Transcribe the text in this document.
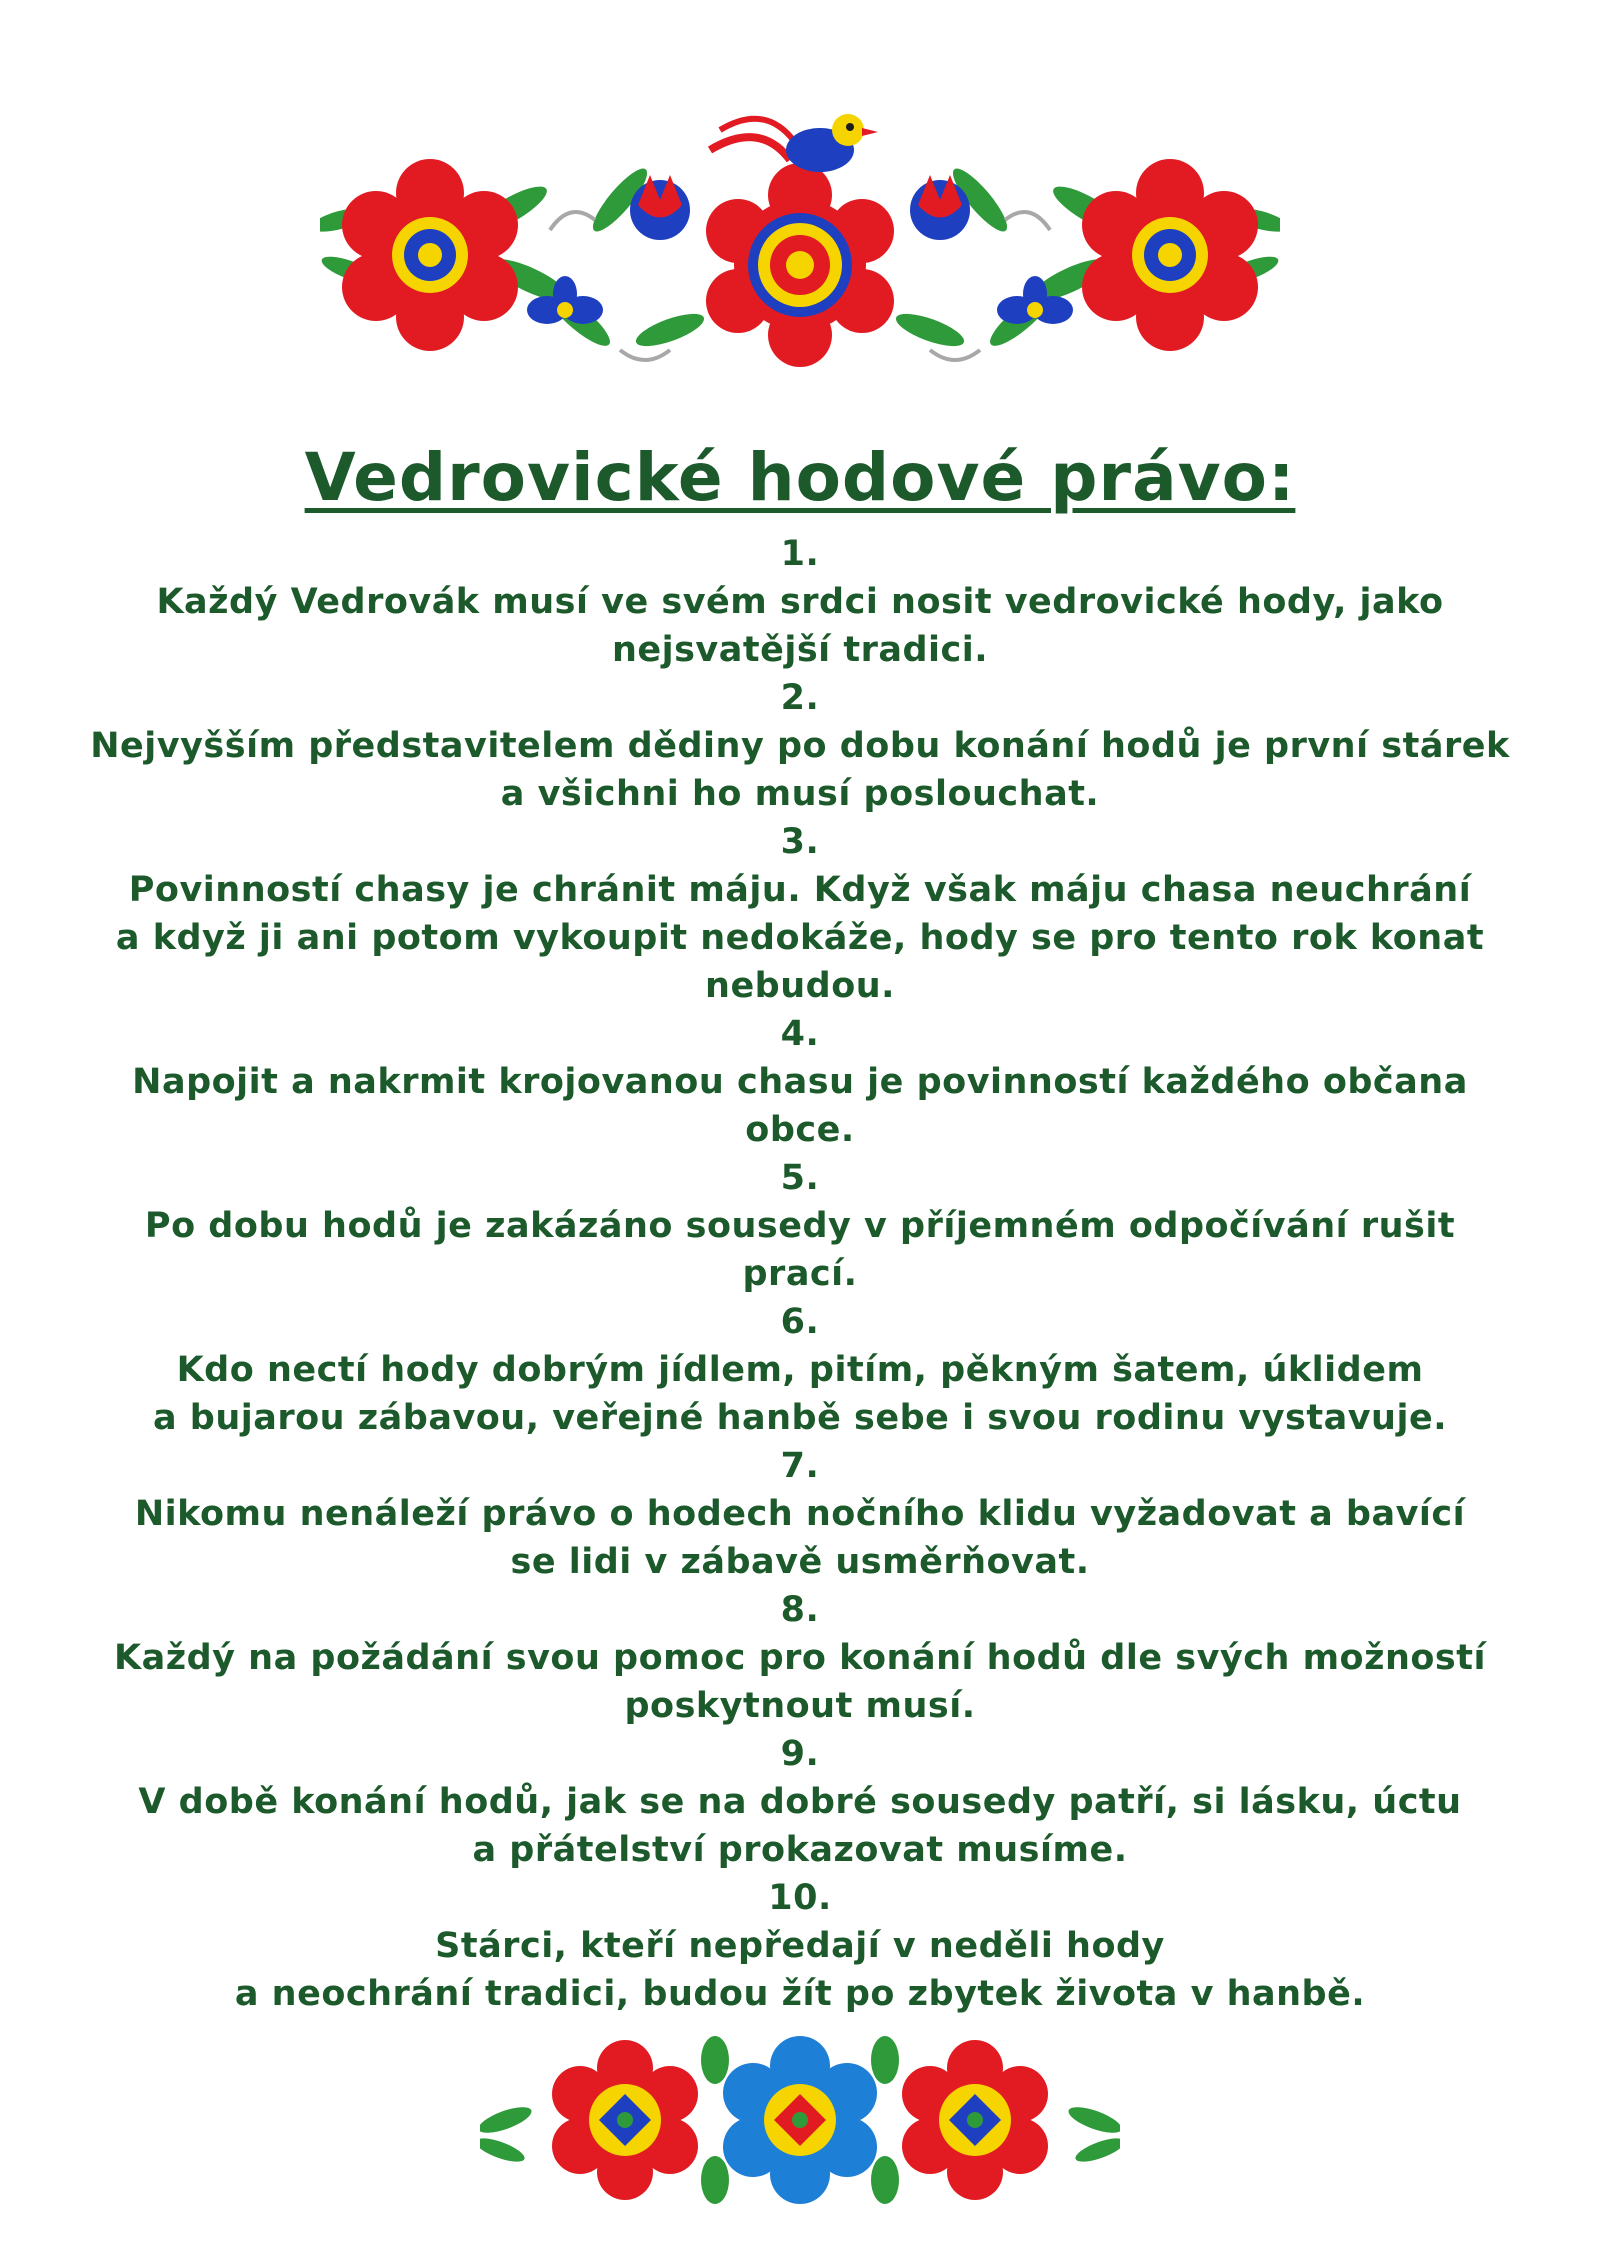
Vedrovické hodové právo:
1.
Každý Vedrovák musí ve svém srdci nosit vedrovické hody, jako
nejsvatější tradici.
2.
Nejvyšším představitelem dědiny po dobu konání hodů je první stárek
a všichni ho musí poslouchat.
3.
Povinností chasy je chránit máju. Když však máju chasa neuchrání
a když ji ani potom vykoupit nedokáže, hody se pro tento rok konat
nebudou.
4.
Napojit a nakrmit krojovanou chasu je povinností každého občana
obce.
5.
Po dobu hodů je zakázáno sousedy v příjemném odpočívání rušit
prací.
6.
Kdo nectí hody dobrým jídlem, pitím, pěkným šatem, úklidem
a bujarou zábavou, veřejné hanbě sebe i svou rodinu vystavuje.
7.
Nikomu nenáleží právo o hodech nočního klidu vyžadovat a bavící
se lidi v zábavě usměrňovat.
8.
Každý na požádání svou pomoc pro konání hodů dle svých možností
poskytnout musí.
9.
V době konání hodů, jak se na dobré sousedy patří, si lásku, úctu
a přátelství prokazovat musíme.
10.
Stárci, kteří nepředají v neděli hody
a neochrání tradici, budou žít po zbytek života v hanbě.
